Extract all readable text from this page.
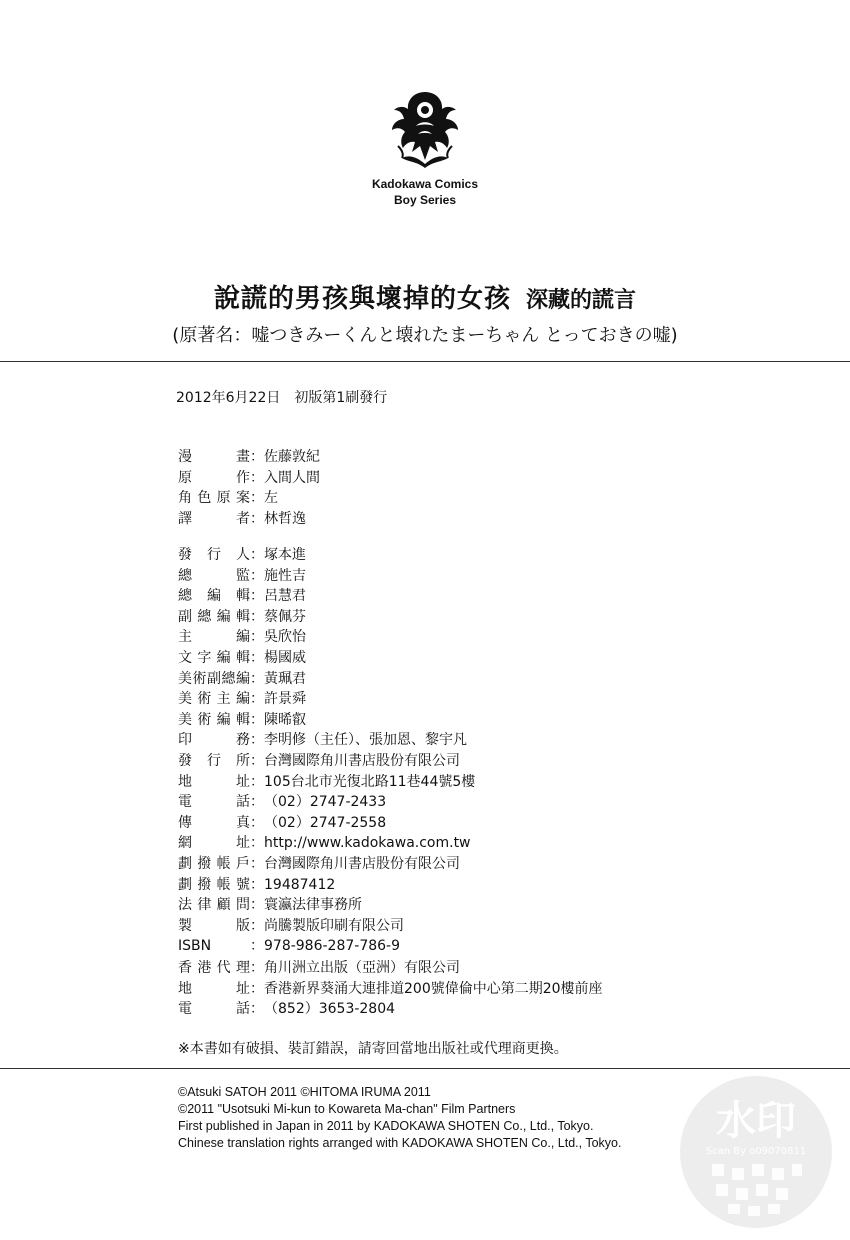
Kadokawa Comics
Boy Series
說謊的男孩與壞掉的女孩 深藏的謊言
(原著名：嘘つきみーくんと壊れたまーちゃん とっておきの嘘)
2012年6月22日　初版第1刷發行
漫畫 ： 佐藤敦紀
原作 ： 入間人間
角色原案 ： 左
譯者 ： 林哲逸
發行人 ： 塚本進
總監 ： 施性吉
總編輯 ： 呂慧君
副總編輯 ： 蔡佩芬
主編 ： 吳欣怡
文字編輯 ： 楊國威
美術副總編 ： 黃珮君
美術主編 ： 許景舜
美術編輯 ： 陳晞叡
印務 ： 李明修（主任）、張加恩、黎宇凡
發行所 ： 台灣國際角川書店股份有限公司
地址 ： 105台北市光復北路11巷44號5樓
電話 ： （02）2747-2433
傳真 ： （02）2747-2558
網址 ： http://www.kadokawa.com.tw
劃撥帳戶 ： 台灣國際角川書店股份有限公司
劃撥帳號 ： 19487412
法律顧問 ： 寰瀛法律事務所
製版 ： 尚騰製版印刷有限公司
ISBN	： 978-986-287-786-9
香港代理 ： 角川洲立出版（亞洲）有限公司
地址 ： 香港新界葵涌大連排道200號偉倫中心第二期20樓前座
電話 ： （852）3653-2804
※本書如有破損、裝訂錯誤，請寄回當地出版社或代理商更換。
©Atsuki SATOH 2011 ©HITOMA IRUMA 2011
©2011 "Usotsuki Mi-kun to Kowareta Ma-chan" Film Partners
First published in Japan in 2011 by KADOKAWA SHOTEN Co., Ltd., Tokyo.
Chinese translation rights arranged with KADOKAWA SHOTEN Co., Ltd., Tokyo. 水印
Scan By o09070811
